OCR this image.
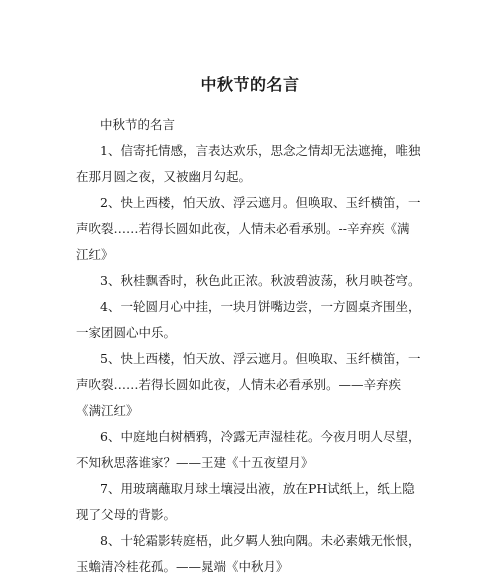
中秋节的名言
中秋节的名言
1、信寄托情感，言表达欢乐，思念之情却无法遮掩，唯独
在那月圆之夜，又被幽月勾起。
2、快上西楼，怕天放、浮云遮月。但唤取、玉纤横笛，一
声吹裂……若得长圆如此夜，人情未必看承别。--辛弃疾《满
江红》
3、秋桂飘香时，秋色此正浓。秋波碧波荡，秋月映苍穹。
4、一轮圆月心中挂，一块月饼嘴边尝，一方圆桌齐围坐，
一家团圆心中乐。
5、快上西楼，怕天放、浮云遮月。但唤取、玉纤横笛，一
声吹裂……若得长圆如此夜，人情未必看承别。——辛弃疾
《满江红》
6、中庭地白树栖鸦，冷露无声湿桂花。今夜月明人尽望，
不知秋思落谁家？——王建《十五夜望月》
7、用玻璃蘸取月球土壤浸出液，放在PH试纸上，纸上隐
现了父母的背影。
8、十轮霜影转庭梧，此夕羁人独向隅。未必素娥无怅恨，
玉蟾清冷桂花孤。——晁端《中秋月》
